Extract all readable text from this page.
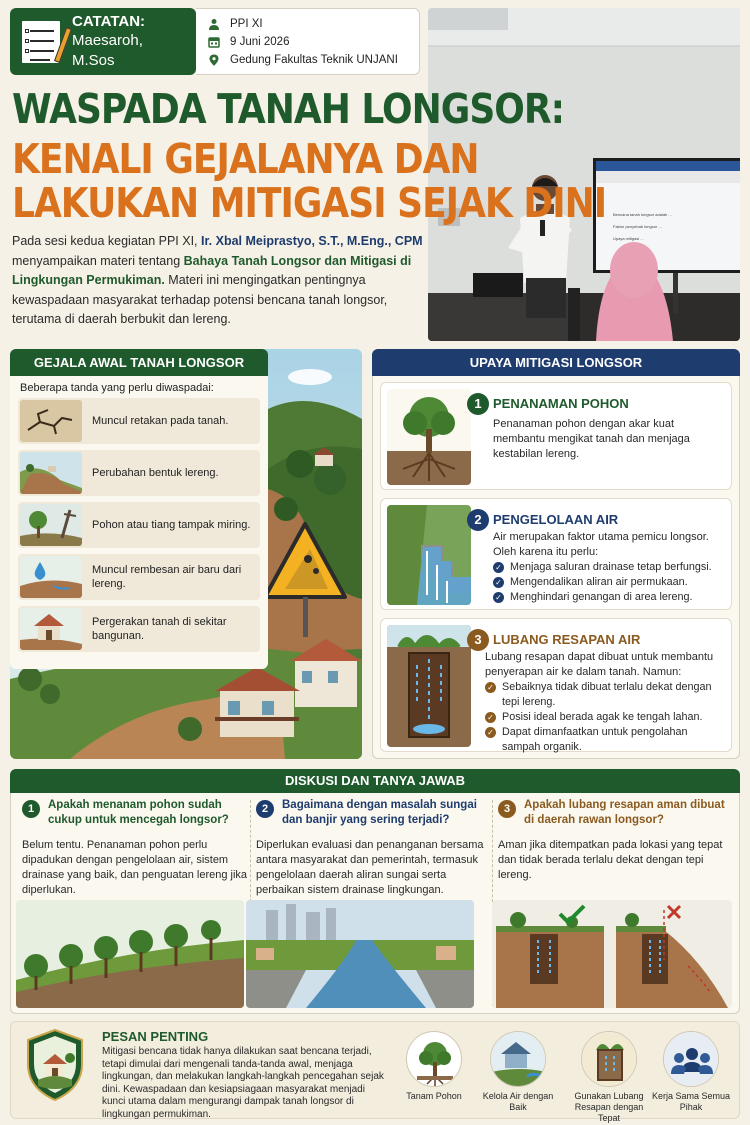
CATATAN:
Maesaroh, M.Sos
PPI XI
9 Juni 2026
Gedung Fakultas Teknik UNJANI
Bencana tanah longsor adalah ...
Faktor penyebab longsor ...
Upaya mitigasi ...
WASPADA TANAH LONGSOR:
KENALI GEJALANYA DAN
LAKUKAN MITIGASI SEJAK DINI
Pada sesi kedua kegiatan PPI XI, Ir. Xbal Meiprastyo, S.T., M.Eng., CPM menyampaikan materi tentang Bahaya Tanah Longsor dan Mitigasi di Lingkungan Permukiman. Materi ini mengingatkan pentingnya kewaspadaan masyarakat terhadap potensi bencana tanah longsor, terutama di daerah berbukit dan lereng.
GEJALA AWAL TANAH LONGSOR
Beberapa tanda yang perlu diwaspadai:
Muncul retakan pada tanah.
Perubahan bentuk lereng.
Pohon atau tiang tampak miring.
Muncul rembesan air baru dari lereng.
Pergerakan tanah di sekitar bangunan.
UPAYA MITIGASI LONGSOR
1 PENANAMAN POHON
Penanaman pohon dengan akar kuat membantu mengikat tanah dan menjaga kestabilan lereng.
2 PENGELOLAAN AIR
Air merupakan faktor utama pemicu longsor. Oleh karena itu perlu:
✓ Menjaga saluran drainase tetap berfungsi.
✓ Mengendalikan aliran air permukaan.
✓ Menghindari genangan di area lereng.
3 LUBANG RESAPAN AIR
Lubang resapan dapat dibuat untuk membantu penyerapan air ke dalam tanah. Namun:
✓ Sebaiknya tidak dibuat terlalu dekat dengan tepi lereng.
✓ Posisi ideal berada agak ke tengah lahan.
✓ Dapat dimanfaatkan untuk pengolahan sampah organik.
DISKUSI DAN TANYA JAWAB
1	Apakah menanam pohon sudah cukup untuk mencegah longsor?
Belum tentu. Penanaman pohon perlu dipadukan dengan pengelolaan air, sistem drainase yang baik, dan penguatan lereng jika diperlukan.
2	Bagaimana dengan masalah sungai dan banjir yang sering terjadi?
Diperlukan evaluasi dan penanganan bersama antara masyarakat dan pemerintah, termasuk pengelolaan daerah aliran sungai serta perbaikan sistem drainase lingkungan.
3	Apakah lubang resapan aman dibuat di daerah rawan longsor?
Aman jika ditempatkan pada lokasi yang tepat dan tidak berada terlalu dekat dengan tepi lereng.
PESAN PENTING
Mitigasi bencana tidak hanya dilakukan saat bencana terjadi, tetapi dimulai dari mengenali tanda-tanda awal, menjaga lingkungan, dan melakukan langkah-langkah pencegahan sejak dini. Kewaspadaan dan kesiapsiagaan masyarakat menjadi kunci utama dalam mengurangi dampak tanah longsor di lingkungan permukiman.
Tanam Pohon	Kelola Air dengan Baik
Gunakan Lubang Resapan dengan Tepat
Kerja Sama Semua Pihak
